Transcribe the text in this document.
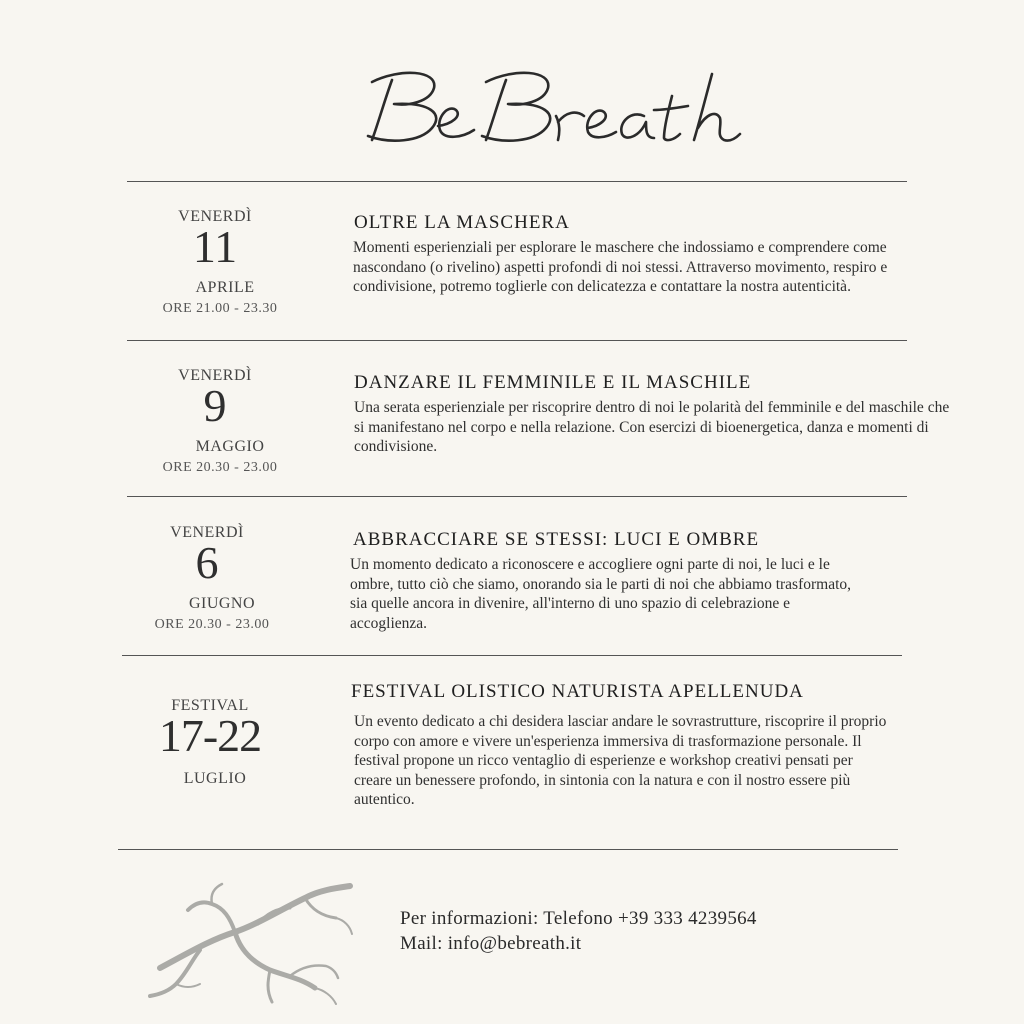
VENERDÌ
11
APRILE
ORE 21.00 - 23.30
OLTRE LA MASCHERA
Momenti esperienziali per esplorare le maschere che indossiamo e comprendere come nascondano (o rivelino) aspetti profondi di noi stessi. Attraverso movimento, respiro e condivisione, potremo toglierle con delicatezza e contattare la nostra autenticità.
VENERDÌ
9
MAGGIO
ORE 20.30 - 23.00
DANZARE IL FEMMINILE E IL MASCHILE
Una serata esperienziale per riscoprire dentro di noi le polarità del femminile e del maschile che si manifestano nel corpo e nella relazione. Con esercizi di bioenergetica, danza e momenti di condivisione.
VENERDÌ
6
GIUGNO
ORE 20.30 - 23.00
ABBRACCIARE SE STESSI: LUCI E OMBRE
Un momento dedicato a riconoscere e accogliere ogni parte di noi, le luci e le ombre, tutto ciò che siamo, onorando sia le parti di noi che abbiamo trasformato, sia quelle ancora in divenire, all'interno di uno spazio di celebrazione e accoglienza.
FESTIVAL
17-22
LUGLIO
FESTIVAL OLISTICO NATURISTA APELLENUDA
Un evento dedicato a chi desidera lasciar andare le sovrastrutture, riscoprire il proprio corpo con amore e vivere un'esperienza immersiva di trasformazione personale. Il festival propone un ricco ventaglio di esperienze e workshop creativi pensati per creare un benessere profondo, in sintonia con la natura e con il nostro essere più autentico.
Per informazioni: Telefono +39 333 4239564
Mail: info@bebreath.it
